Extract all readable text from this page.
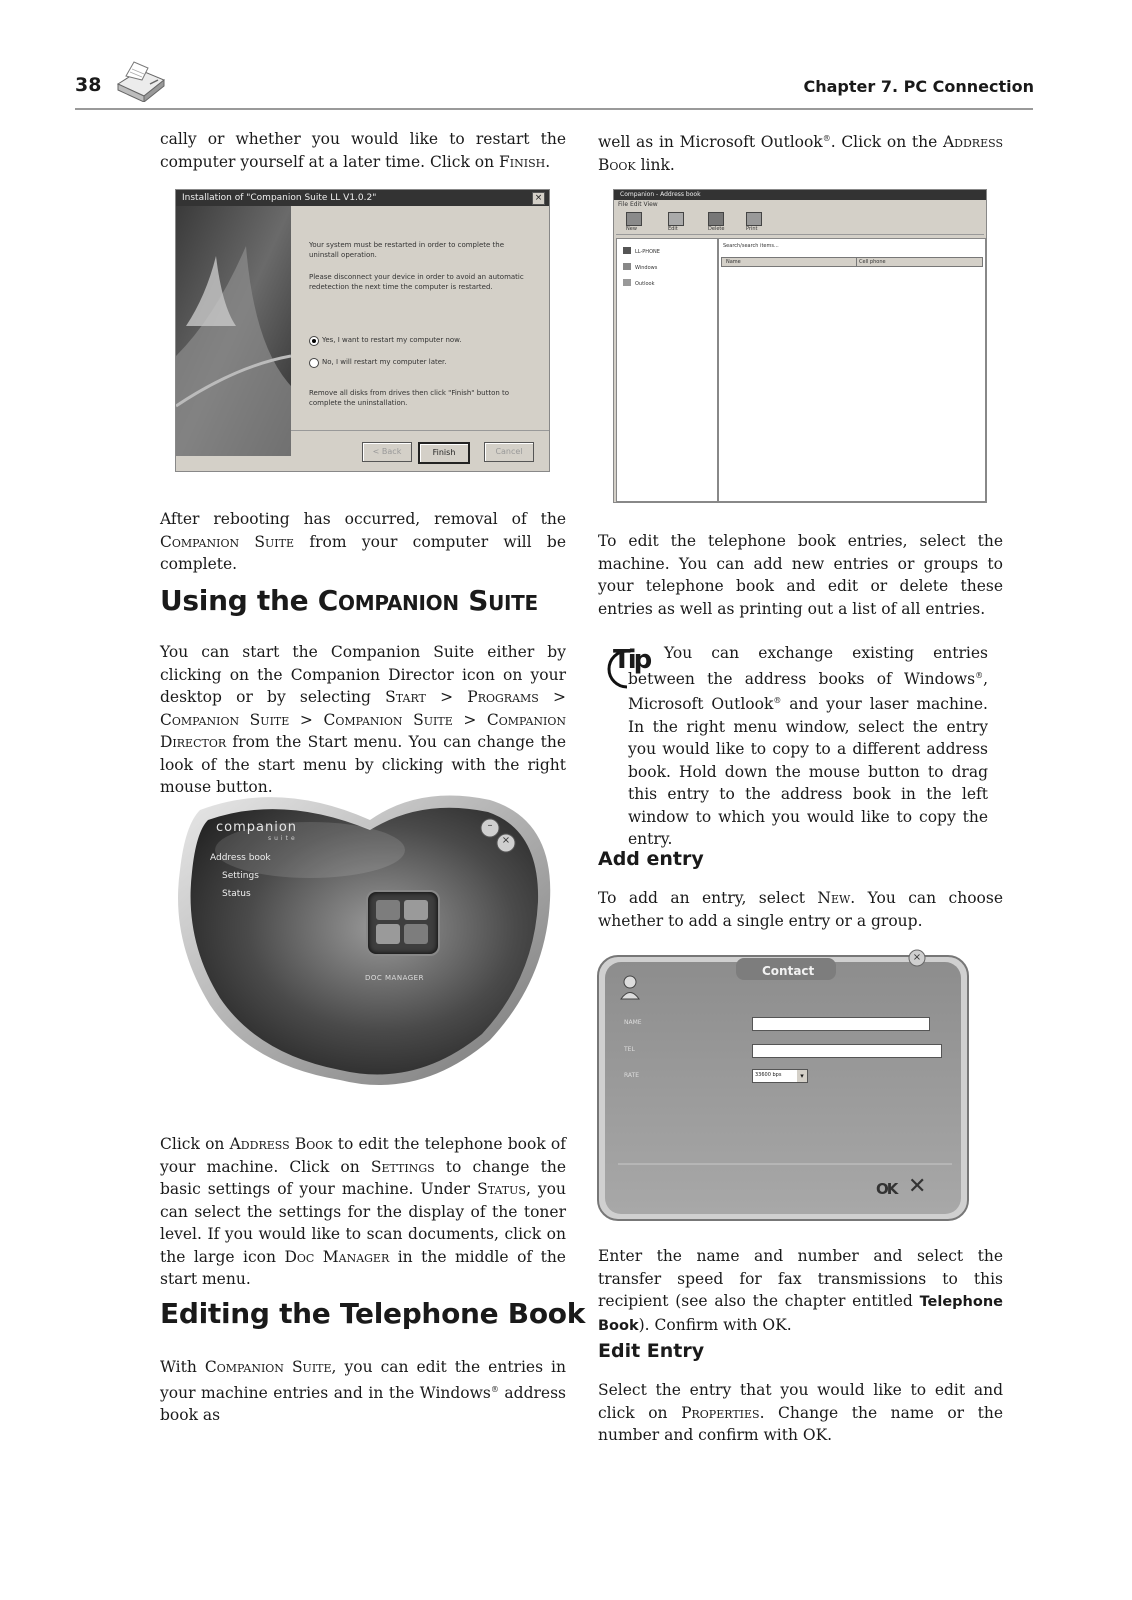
38	Chapter 7. PC Connection

cally or whether you would like to restart the computer yourself at a later time. Click on Finish.

Installation of "Companion Suite LL V1.0.2"	×
Your system must be restarted in order to complete the uninstall operation.
Please disconnect your device in order to avoid an automatic redetection the next time the computer is restarted.
Yes, I want to restart my computer now.
No, I will restart my computer later.
Remove all disks from drives then click "Finish" button to complete the uninstallation.
< Back	Finish	Cancel

After rebooting has occurred, removal of the Companion Suite from your computer will be complete.

Using the Companion Suite

You can start the Companion Suite either by clicking on the Companion Director icon on your desktop or by selecting Start > Programs > Companion Suite > Companion Suite > Companion Director from the Start menu. You can change the look of the start menu by clicking with the right mouse button.

×
–
companion
suite
Address book
Settings
Status
DOC MANAGER

Click on Address Book to edit the telephone book of your machine. Click on Settings to change the basic settings of your machine. Under Status, you can select the settings for the display of the toner level. If you would like to scan documents, click on the large icon Doc Manager in the middle of the start menu.

Editing the Telephone Book

With Companion Suite, you can edit the entries in your machine entries and in the Windows® address book as

well as in Microsoft Outlook®. Click on the Address Book link.

Companion - Address book
File Edit View
New	Edit	Delete	Print
LL-PHONE
Windows
Outlook
Search/search items...
Name	Cell phone

To edit the telephone book entries, select the machine. You can add new entries or groups to your telephone book and edit or delete these entries as well as printing out a list of all entries.

Tip You can exchange existing entries between the address books of Windows®, Microsoft Outlook® and your laser machine. In the right menu window, select the entry you would like to copy to a different address book. Hold down the mouse button to drag this entry to the address book in the left window to which you would like to copy the entry.

Add entry

To add an entry, select New. You can choose whether to add a single entry or a group.

×
Contact
NAME
TEL
RATE	33600 bps	▾
OK ✕

Enter the name and number and select the transfer speed for fax transmissions to this recipient (see also the chapter entitled Telephone Book). Confirm with OK.

Edit Entry

Select the entry that you would like to edit and click on Properties. Change the name or the number and confirm with OK.
